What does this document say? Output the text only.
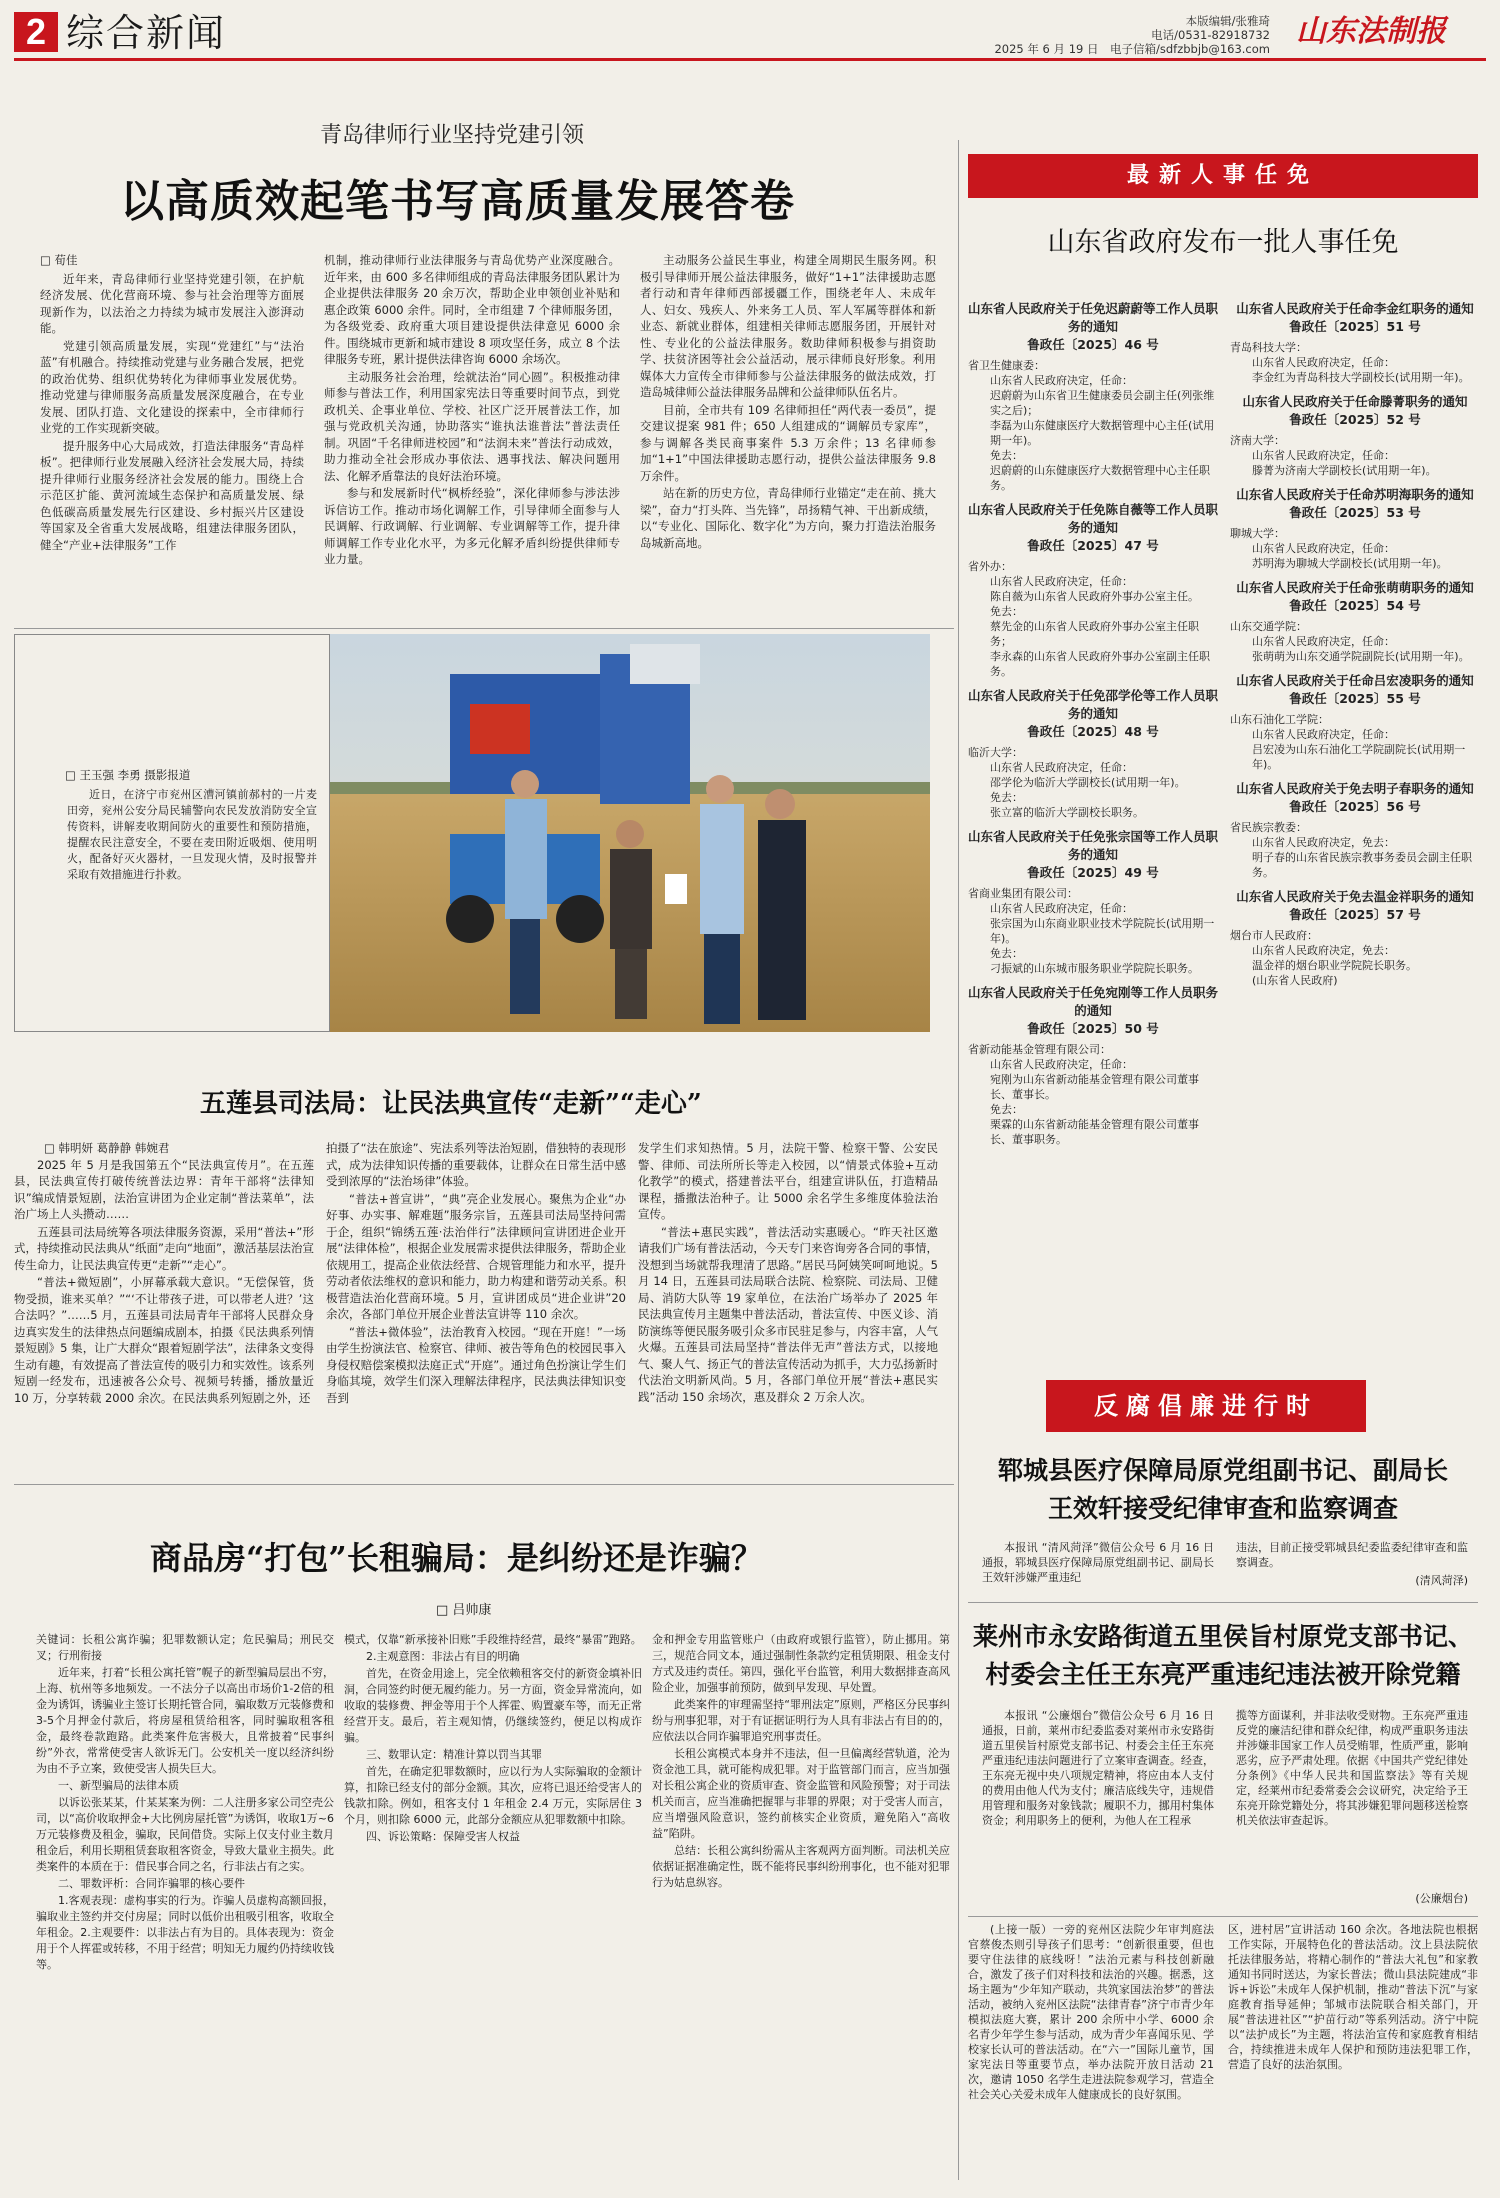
2 综合新闻	本版编辑/张雅琦
电话/0531-82918732
2025 年 6 月 19 日　 电子信箱/sdfzbbjb@163.com 山东法制报
青岛律师行业坚持党建引领
以高质效起笔书写高质量发展答卷
□ 荀佳

近年来，青岛律师行业坚持党建引领，在护航经济发展、优化营商环境、参与社会治理等方面展现新作为，以法治之力持续为城市发展注入澎湃动能。

党建引领高质量发展，实现“党建红”与“法治蓝”有机融合。持续推动党建与业务融合发展，把党的政治优势、组织优势转化为律师事业发展优势。推动党建与律师服务高质量发展深度融合，在专业发展、团队打造、文化建设的探索中，全市律师行业党的工作实现新突破。

提升服务中心大局成效，打造法律服务“青岛样板”。把律师行业发展融入经济社会发展大局，持续提升律师行业服务经济社会发展的能力。围绕上合示范区扩能、黄河流域生态保护和高质量发展、绿色低碳高质量发展先行区建设、乡村振兴片区建设等国家及全省重大发展战略，组建法律服务团队，健全“产业+法律服务”工作

机制，推动律师行业法律服务与青岛优势产业深度融合。近年来，由 600 多名律师组成的青岛法律服务团队累计为企业提供法律服务 20 余万次，帮助企业申领创业补贴和惠企政策 6000 余件。同时，全市组建 7 个律师服务团，为各级党委、政府重大项目建设提供法律意见 6000 余件。围绕城市更新和城市建设 8 项攻坚任务，成立 8 个法律服务专班，累计提供法律咨询 6000 余场次。

主动服务社会治理，绘就法治“同心圆”。积极推动律师参与普法工作，利用国家宪法日等重要时间节点，到党政机关、企事业单位、学校、社区广泛开展普法工作，加强与党政机关沟通，协助落实“谁执法谁普法”普法责任制。巩固“千名律师进校园”和“法润未来”普法行动成效，助力推动全社会形成办事依法、遇事找法、解决问题用法、化解矛盾靠法的良好法治环境。

参与和发展新时代“枫桥经验”，深化律师参与涉法涉诉信访工作。推动市场化调解工作，引导律师全面参与人民调解、行政调解、行业调解、专业调解等工作，提升律师调解工作专业化水平，为多元化解矛盾纠纷提供律师专业力量。

主动服务公益民生事业，构建全周期民生服务网。积极引导律师开展公益法律服务，做好“1+1”法律援助志愿者行动和青年律师西部援疆工作，围绕老年人、未成年人、妇女、残疾人、外来务工人员、军人军属等群体和新业态、新就业群体，组建相关律师志愿服务团，开展针对性、专业化的公益法律服务。数助律师积极参与捐资助学、扶贫济困等社会公益活动，展示律师良好形象。利用媒体大力宣传全市律师参与公益法律服务的做法成效，打造岛城律师公益法律服务品牌和公益律师队伍名片。

目前，全市共有 109 名律师担任“两代表一委员”，提交建议提案 981 件；650 人组建成的“调解员专家库”，参与调解各类民商事案件 5.3 万余件；13 名律师参加“1+1”中国法律援助志愿行动，提供公益法律服务 9.8 万余件。

站在新的历史方位，青岛律师行业锚定“走在前、挑大梁”，奋力“打头阵、当先锋”，昂扬精气神、干出新成绩，以“专业化、国际化、数字化”为方向，聚力打造法治服务岛城新高地。

□ 王玉强 李勇 摄影报道
近日，在济宁市兖州区漕河镇前郝村的一片麦田旁，兖州公安分局民辅警向农民发放消防安全宣传资料，讲解麦收期间防火的重要性和预防措施，提醒农民注意安全，不要在麦田附近吸烟、使用明火，配备好灭火器材，一旦发现火情，及时报警并采取有效措施进行扑救。
五莲县司法局：让民法典宣传“走新”“走心”
□ 韩明妍 葛静静 韩婉君

2025 年 5 月是我国第五个“民法典宣传月”。在五莲县，民法典宣传打破传统普法边界：青年干部将“法律知识”编成情景短剧，法治宣讲团为企业定制“普法菜单”，法治广场上人头攒动……

五莲县司法局统筹各项法律服务资源，采用“普法+”形式，持续推动民法典从“纸面”走向“地面”，激活基层法治宣传生命力，让民法典宣传更“走新”“走心”。

“普法+微短剧”，小屏幕承载大意识。“无偿保管，货物受损，谁来买单？”“‘不让带孩子进，可以带老人进？’这合法吗？”……5 月，五莲县司法局青年干部将人民群众身边真实发生的法律热点问题编成剧本，拍摄《民法典系列情景短剧》5 集，让广大群众“跟着短剧学法”，法律条文变得生动有趣，有效提高了普法宣传的吸引力和实效性。该系列短剧一经发布，迅速被各公众号、视频号转播，播放量近 10 万，分享转载 2000 余次。在民法典系列短剧之外，还

拍摄了“法在旅途”、宪法系列等法治短剧，借独特的表现形式，成为法律知识传播的重要载体，让群众在日常生活中感受到浓厚的“法治场律”体验。

“普法+普宣讲”，“典”亮企业发展心。聚焦为企业“办好事、办实事、解难题”服务宗旨，五莲县司法局坚持问需于企，组织“锦绣五莲·法治伴行”法律顾问宣讲团进企业开展“法律体检”，根据企业发展需求提供法律服务，帮助企业依规用工，提高企业依法经营、合规管理能力和水平，提升劳动者依法维权的意识和能力，助力构建和谐劳动关系。积极营造法治化营商环境。5 月，宣讲团成员“进企业讲”20 余次，各部门单位开展企业普法宣讲等 110 余次。

“普法+微体验”，法治教育入校园。“现在开庭！”一场由学生扮演法官、检察官、律师、被告等角色的校园民事入身侵权赔偿案模拟法庭正式“开庭”。通过角色扮演让学生们身临其境，效学生们深入理解法律程序，民法典法律知识变吾到

发学生们求知热情。5 月，法院干警、检察干警、公安民警、律师、司法所所长等走入校园，以“情景式体验+互动化教学”的模式，搭建普法平台，组建宣讲队伍，打造精品课程，播撒法治种子。让 5000 余名学生多维度体验法治宣传。

“普法+惠民实践”，普法活动实惠暖心。“昨天社区邀请我们广场有普法活动，今天专门来咨询旁各合同的事情，没想到当场就帮我理清了思路。”居民马阿姨笑呵呵地说。5 月 14 日，五莲县司法局联合法院、检察院、司法局、卫健局、消防大队等 19 家单位，在法治广场举办了 2025 年民法典宣传月主题集中普法活动，普法宣传、中医义诊、消防演练等便民服务吸引众多市民驻足参与，内容丰富，人气火爆。五莲县司法局坚持“普法伴无声”普法方式，以接地气、聚人气、扬正气的普法宣传活动为抓手，大力弘扬新时代法治文明新风尚。5 月，各部门单位开展“普法+惠民实践”活动 150 余场次，惠及群众 2 万余人次。

商品房“打包”长租骗局：是纠纷还是诈骗？
□ 吕帅康

关键词：长租公寓诈骗；犯罪数额认定；危民骗局；刑民交叉；行刑衔接

近年来，打着“长租公寓托管”幌子的新型骗局层出不穷，上海、杭州等多地频发。一不法分子以高出市场价1-2倍的租金为诱饵，诱骗业主签订长期托管合同，骗取数万元装修费和3-5个月押金付款后，将房屋租赁给租客，同时骗取租客租金，最终卷款跑路。此类案件危害极大，且常披着“民事纠纷”外衣，常常使受害人欲诉无门。公安机关一度以经济纠纷为由不予立案，致使受害人损失巨大。

一、新型骗局的法律本质

以诉讼张某某，什某某案为例：二人注册多家公司空壳公司，以“高价收取押金+大比例房屋托管”为诱饵，收取1万~6万元装修费及租金，骗取，民间借贷。实际上仅支付业主数月租金后，利用长期租赁套取租客资金，导致大量业主损失。此类案件的本质在于：借民事合同之名，行非法占有之实。

二、罪数评析：合同诈骗罪的核心要件

1.客观表现：虚构事实的行为。诈骗人员虚构高额回报，骗取业主签约并交付房屋；同时以低价出租吸引租客，收取全年租金。2.主观要件：以非法占有为目的。具体表现为：资金用于个人挥霍或转移，不用于经营；明知无力履约仍持续收钱等。

模式，仅靠“新承接补旧账”手段维持经营，最终“暴雷”跑路。

2.主观意图：非法占有目的明确

首先，在资金用途上，完全依赖租客交付的新资金填补旧洞，合同签约时便无履约能力。另一方面，资金异常流向，如收取的装修费、押金等用于个人挥霍、购置豪车等，而无正常经营开支。最后，若主观知情，仍继续签约，便足以构成诈骗。

三、数罪认定：精准计算以罚当其罪

首先，在确定犯罪数额时，应以行为人实际骗取的金额计算，扣除已经支付的部分金额。其次，应将已退还给受害人的钱款扣除。例如，租客支付 1 年租金 2.4 万元，实际居住 3 个月，则扣除 6000 元，此部分金额应从犯罪数额中扣除。

四、诉讼策略：保障受害人权益

金和押金专用监管账户（由政府或银行监管），防止挪用。第三，规范合同文本，通过强制性条款约定租赁期限、租金支付方式及违约责任。第四，强化平台监管，利用大数据排查高风险企业，加强事前预防，做到早发现、早处置。

此类案件的审理需坚持“罪刑法定”原则，严格区分民事纠纷与刑事犯罪，对于有证据证明行为人具有非法占有目的的，应依法以合同诈骗罪追究刑事责任。

长租公寓模式本身并不违法，但一旦偏离经营轨道，沦为资金池工具，就可能构成犯罪。对于监管部门而言，应当加强对长租公寓企业的资质审查、资金监管和风险预警；对于司法机关而言，应当准确把握罪与非罪的界限；对于受害人而言，应当增强风险意识，签约前核实企业资质，避免陷入“高收益”陷阱。

总结：长租公寓纠纷需从主客观两方面判断。司法机关应依据证据准确定性，既不能将民事纠纷刑事化，也不能对犯罪行为姑息纵容。

最新人事任免
山东省政府发布一批人事任免
山东省人民政府关于任免迟蔚蔚等工作人员职务的通知
鲁政任〔2025〕46 号
省卫生健康委：
山东省人民政府决定，任命：
迟蔚蔚为山东省卫生健康委员会副主任(列张维实之后)；
李磊为山东健康医疗大数据管理中心主任(试用期一年)。
免去：
迟蔚蔚的山东健康医疗大数据管理中心主任职务。
山东省人民政府关于任免陈自薇等工作人员职务的通知
鲁政任〔2025〕47 号
省外办：
山东省人民政府决定，任命：
陈自薇为山东省人民政府外事办公室主任。
免去：
蔡先金的山东省人民政府外事办公室主任职务；
李永森的山东省人民政府外事办公室副主任职务。
山东省人民政府关于任免邵学伦等工作人员职务的通知
鲁政任〔2025〕48 号
临沂大学：
山东省人民政府决定，任命：
邵学伦为临沂大学副校长(试用期一年)。
免去：
张立富的临沂大学副校长职务。
山东省人民政府关于任免张宗国等工作人员职务的通知
鲁政任〔2025〕49 号
省商业集团有限公司：
山东省人民政府决定，任命：
张宗国为山东商业职业技术学院院长(试用期一年)。
免去：
刁振斌的山东城市服务职业学院院长职务。
山东省人民政府关于任免宛刚等工作人员职务的通知
鲁政任〔2025〕50 号
省新动能基金管理有限公司：
山东省人民政府决定，任命：
宛刚为山东省新动能基金管理有限公司董事长、董事长。
免去：
栗霖的山东省新动能基金管理有限公司董事长、董事职务。
山东省人民政府关于任命李金红职务的通知
鲁政任〔2025〕51 号
青岛科技大学：
山东省人民政府决定，任命：
李金红为青岛科技大学副校长(试用期一年)。
山东省人民政府关于任命滕菁职务的通知
鲁政任〔2025〕52 号
济南大学：
山东省人民政府决定，任命：
滕菁为济南大学副校长(试用期一年)。
山东省人民政府关于任命苏明海职务的通知
鲁政任〔2025〕53 号
聊城大学：
山东省人民政府决定，任命：
苏明海为聊城大学副校长(试用期一年)。
山东省人民政府关于任命张萌萌职务的通知
鲁政任〔2025〕54 号
山东交通学院：
山东省人民政府决定，任命：
张萌萌为山东交通学院副院长(试用期一年)。
山东省人民政府关于任命吕宏凌职务的通知
鲁政任〔2025〕55 号
山东石油化工学院：
山东省人民政府决定，任命：
吕宏凌为山东石油化工学院副院长(试用期一年)。
山东省人民政府关于免去明子春职务的通知
鲁政任〔2025〕56 号
省民族宗教委：
山东省人民政府决定，免去：
明子春的山东省民族宗教事务委员会副主任职务。
山东省人民政府关于免去温金祥职务的通知
鲁政任〔2025〕57 号
烟台市人民政府：
山东省人民政府决定，免去：
温金祥的烟台职业学院院长职务。
(山东省人民政府)
反腐倡廉进行时
郓城县医疗保障局原党组副书记、副局长
王效轩接受纪律审查和监察调查
本报讯 “清风菏泽”微信公众号 6 月 16 日通报，郓城县医疗保障局原党组副书记、副局长王效轩涉嫌严重违纪
违法，目前正接受郓城县纪委监委纪律审查和监察调查。
(清风菏泽)
莱州市永安路街道五里侯旨村原党支部书记、
村委会主任王东亮严重违纪违法被开除党籍
本报讯 “公廉烟台”微信公众号 6 月 16 日通报，日前，莱州市纪委监委对莱州市永安路街道五里侯旨村原党支部书记、村委会主任王东亮严重违纪违法问题进行了立案审查调查。经查，王东亮无视中央八项规定精神，将应由本人支付的费用由他人代为支付；廉洁底线失守，违规借用管理和服务对象钱款；履职不力，挪用村集体资金；利用职务上的便利，为他人在工程承
揽等方面谋利，并非法收受财物。王东亮严重违反党的廉洁纪律和群众纪律，构成严重职务违法并涉嫌非国家工作人员受贿罪，性质严重，影响恶劣，应予严肃处理。依据《中国共产党纪律处分条例》《中华人民共和国监察法》等有关规定，经莱州市纪委常委会会议研究，决定给予王东亮开除党籍处分，将其涉嫌犯罪问题移送检察机关依法审查起诉。
(公廉烟台)
(上接一版）一旁的兖州区法院少年审判庭法官蔡俊杰则引导孩子们思考：“创新很重要，但也要守住法律的底线呀！”法治元素与科技创新融合，激发了孩子们对科技和法治的兴趣。据悉，这场主题为“少年知产联动，共筑家国法治梦”的普法活动，被纳入兖州区法院“法律青春”济宁市青少年模拟法庭大赛，累计 200 余所中小学、6000 余名青少年学生参与活动，成为青少年喜闻乐见、学校家长认可的普法活动。在“六一”国际儿童节，国家宪法日等重要节点，举办法院开放日活动 21 次，邀请 1050 名学生走进法院参观学习，营造全社会关心关爱未成年人健康成长的良好氛围。
区，进村居”宣讲活动 160 余次。各地法院也根据工作实际，开展特色化的普法活动。汶上县法院依托法律服务站，将精心制作的“普法大礼包”和家教通知书同时送达，为家长普法；微山县法院建成“非诉+诉讼”未成年人保护机制，推动“普法下沉”与家庭教育指导延伸；邹城市法院联合相关部门，开展“普法进社区”“护苗行动”等系列活动。济宁中院以“法护成长”为主题，将法治宣传和家庭教育相结合，持续推进未成年人保护和预防违法犯罪工作，营造了良好的法治氛围。
